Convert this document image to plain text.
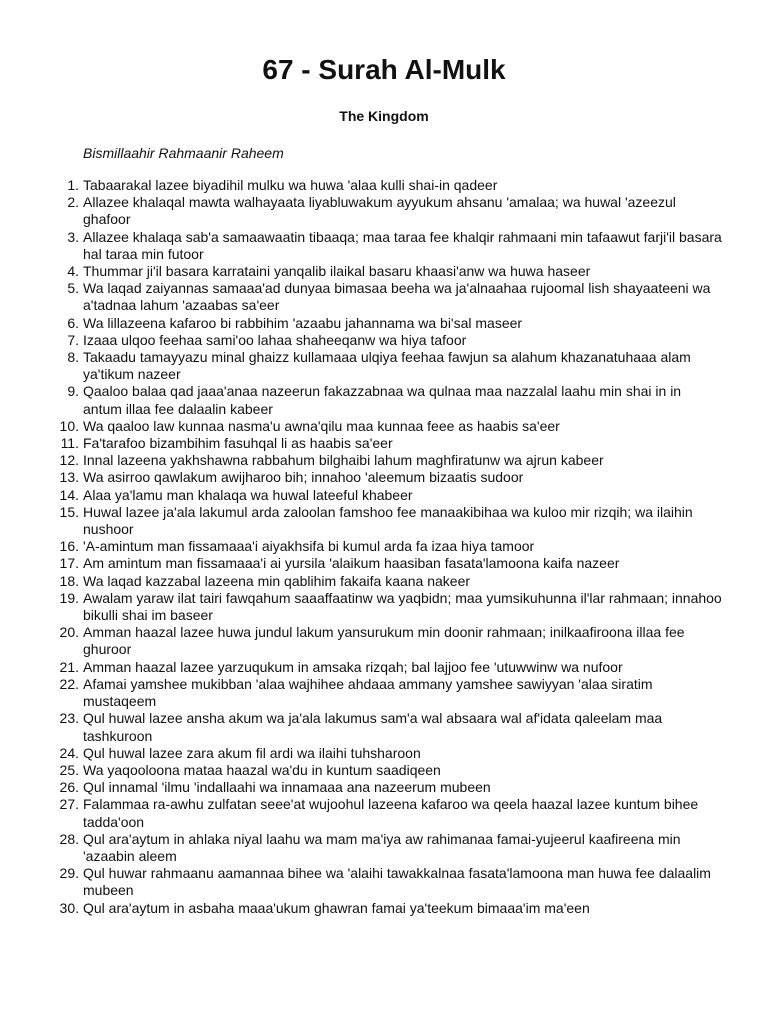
67 - Surah Al-Mulk
The Kingdom
Bismillaahir Rahmaanir Raheem
1. Tabaarakal lazee biyadihil mulku wa huwa 'alaa kulli shai-in qadeer
2. Allazee khalaqal mawta walhayaata liyabluwakum ayyukum ahsanu 'amalaa; wa huwal 'azeezul ghafoor
3. Allazee khalaqa sab'a samaawaatin tibaaqa; maa taraa fee khalqir rahmaani min tafaawut farji'il basara hal taraa min futoor
4. Thummar ji'il basara karrataini yanqalib ilaikal basaru khaasi'anw wa huwa haseer
5. Wa laqad zaiyannas samaaa'ad dunyaa bimasaa beeha wa ja'alnaahaa rujoomal lish shayaateeni wa a'tadnaa lahum 'azaabas sa'eer
6. Wa lillazeena kafaroo bi rabbihim 'azaabu jahannama wa bi'sal maseer
7. Izaaa ulqoo feehaa sami'oo lahaa shaheeqanw wa hiya tafoor
8. Takaadu tamayyazu minal ghaizz kullamaaa ulqiya feehaa fawjun sa alahum khazanatuhaaa alam ya'tikum nazeer
9. Qaaloo balaa qad jaaa'anaa nazeerun fakazzabnaa wa qulnaa maa nazzalal laahu min shai in in antum illaa fee dalaalin kabeer
10. Wa qaaloo law kunnaa nasma'u awna'qilu maa kunnaa feee as haabis sa'eer
11. Fa'tarafoo bizambihim fasuhqal li as haabis sa'eer
12. Innal lazeena yakhshawna rabbahum bilghaibi lahum maghfiratunw wa ajrun kabeer
13. Wa asirroo qawlakum awijharoo bih; innahoo 'aleemum bizaatis sudoor
14. Alaa ya'lamu man khalaqa wa huwal lateeful khabeer
15. Huwal lazee ja'ala lakumul arda zaloolan famshoo fee manaakibihaa wa kuloo mir rizqih; wa ilaihin nushoor
16. 'A-amintum man fissamaaa'i aiyakhsifa bi kumul arda fa izaa hiya tamoor
17. Am amintum man fissamaaa'i ai yursila 'alaikum haasiban fasata'lamoona kaifa nazeer
18. Wa laqad kazzabal lazeena min qablihim fakaifa kaana nakeer
19. Awalam yaraw ilat tairi fawqahum saaaffaatinw wa yaqbidn; maa yumsikuhunna il'lar rahmaan; innahoo bikulli shai im baseer
20. Amman haazal lazee huwa jundul lakum yansurukum min doonir rahmaan; inilkaafiroona illaa fee ghuroor
21. Amman haazal lazee yarzuqukum in amsaka rizqah; bal lajjoo fee 'utuwwinw wa nufoor
22. Afamai yamshee mukibban 'alaa wajhihee ahdaaa ammany yamshee sawiyyan 'alaa siratim mustaqeem
23. Qul huwal lazee ansha akum wa ja'ala lakumus sam'a wal absaara wal af'idata qaleelam maa tashkuroon
24. Qul huwal lazee zara akum fil ardi wa ilaihi tuhsharoon
25. Wa yaqooloona mataa haazal wa'du in kuntum saadiqeen
26. Qul innamal 'ilmu 'indallaahi wa innamaaa ana nazeerum mubeen
27. Falammaa ra-awhu zulfatan seee'at wujoohul lazeena kafaroo wa qeela haazal lazee kuntum bihee tadda'oon
28. Qul ara'aytum in ahlaka niyal laahu wa mam ma'iya aw rahimanaa famai-yujeerul kaafireena min 'azaabin aleem
29. Qul huwar rahmaanu aamannaa bihee wa 'alaihi tawakkalnaa fasata'lamoona man huwa fee dalaalim mubeen
30. Qul ara'aytum in asbaha maaa'ukum ghawran famai ya'teekum bimaaa'im ma'een
